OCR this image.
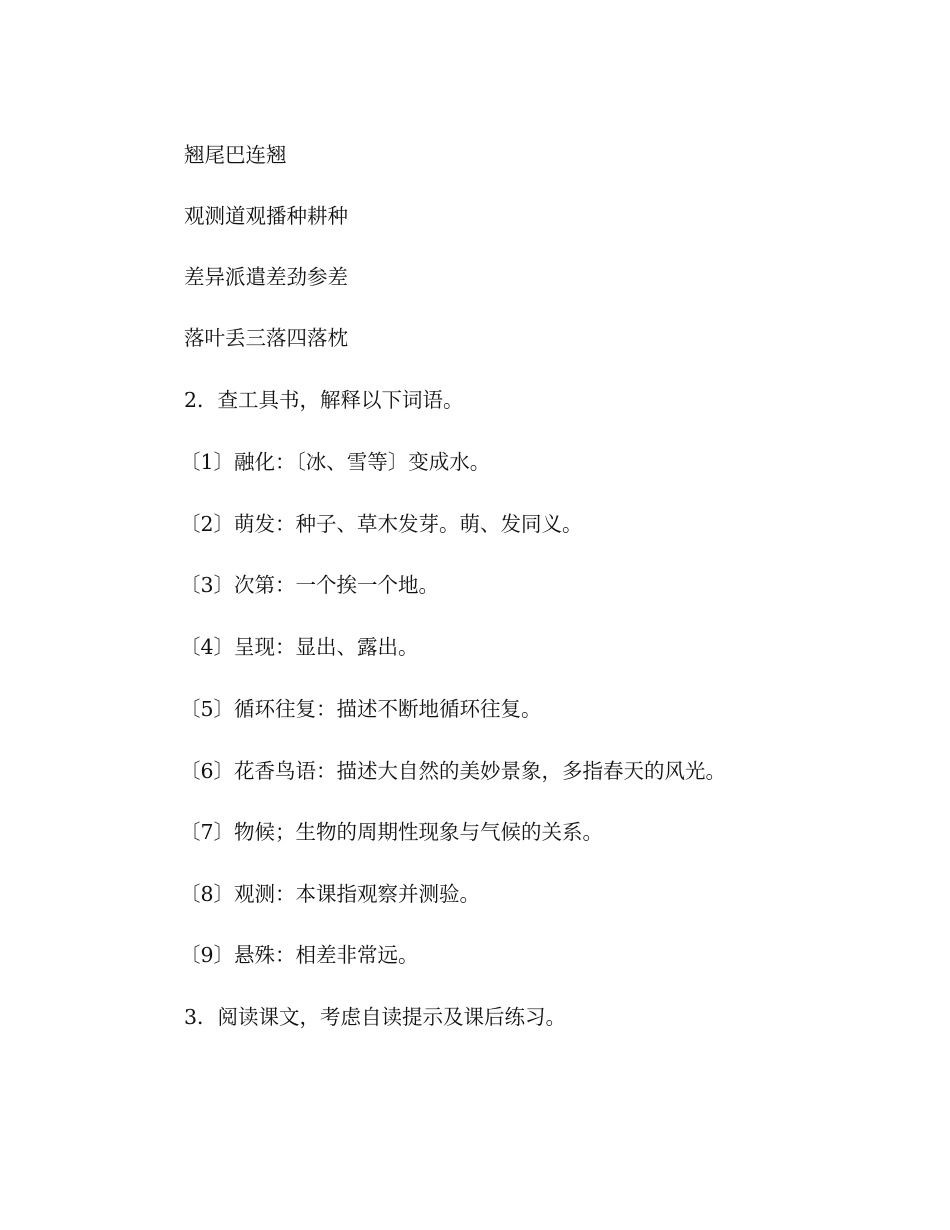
翘尾巴连翘

观测道观播种耕种

差异派遣差劲参差

落叶丢三落四落枕

2．查工具书，解释以下词语。

〔1〕融化：〔冰、雪等〕变成水。

〔2〕萌发：种子、草木发芽。萌、发同义。

〔3〕次第：一个挨一个地。

〔4〕呈现：显出、露出。

〔5〕循环往复：描述不断地循环往复。

〔6〕花香鸟语：描述大自然的美妙景象，多指春天的风光。

〔7〕物候；生物的周期性现象与气候的关系。

〔8〕观测：本课指观察并测验。

〔9〕悬殊：相差非常远。

3．阅读课文，考虑自读提示及课后练习。
